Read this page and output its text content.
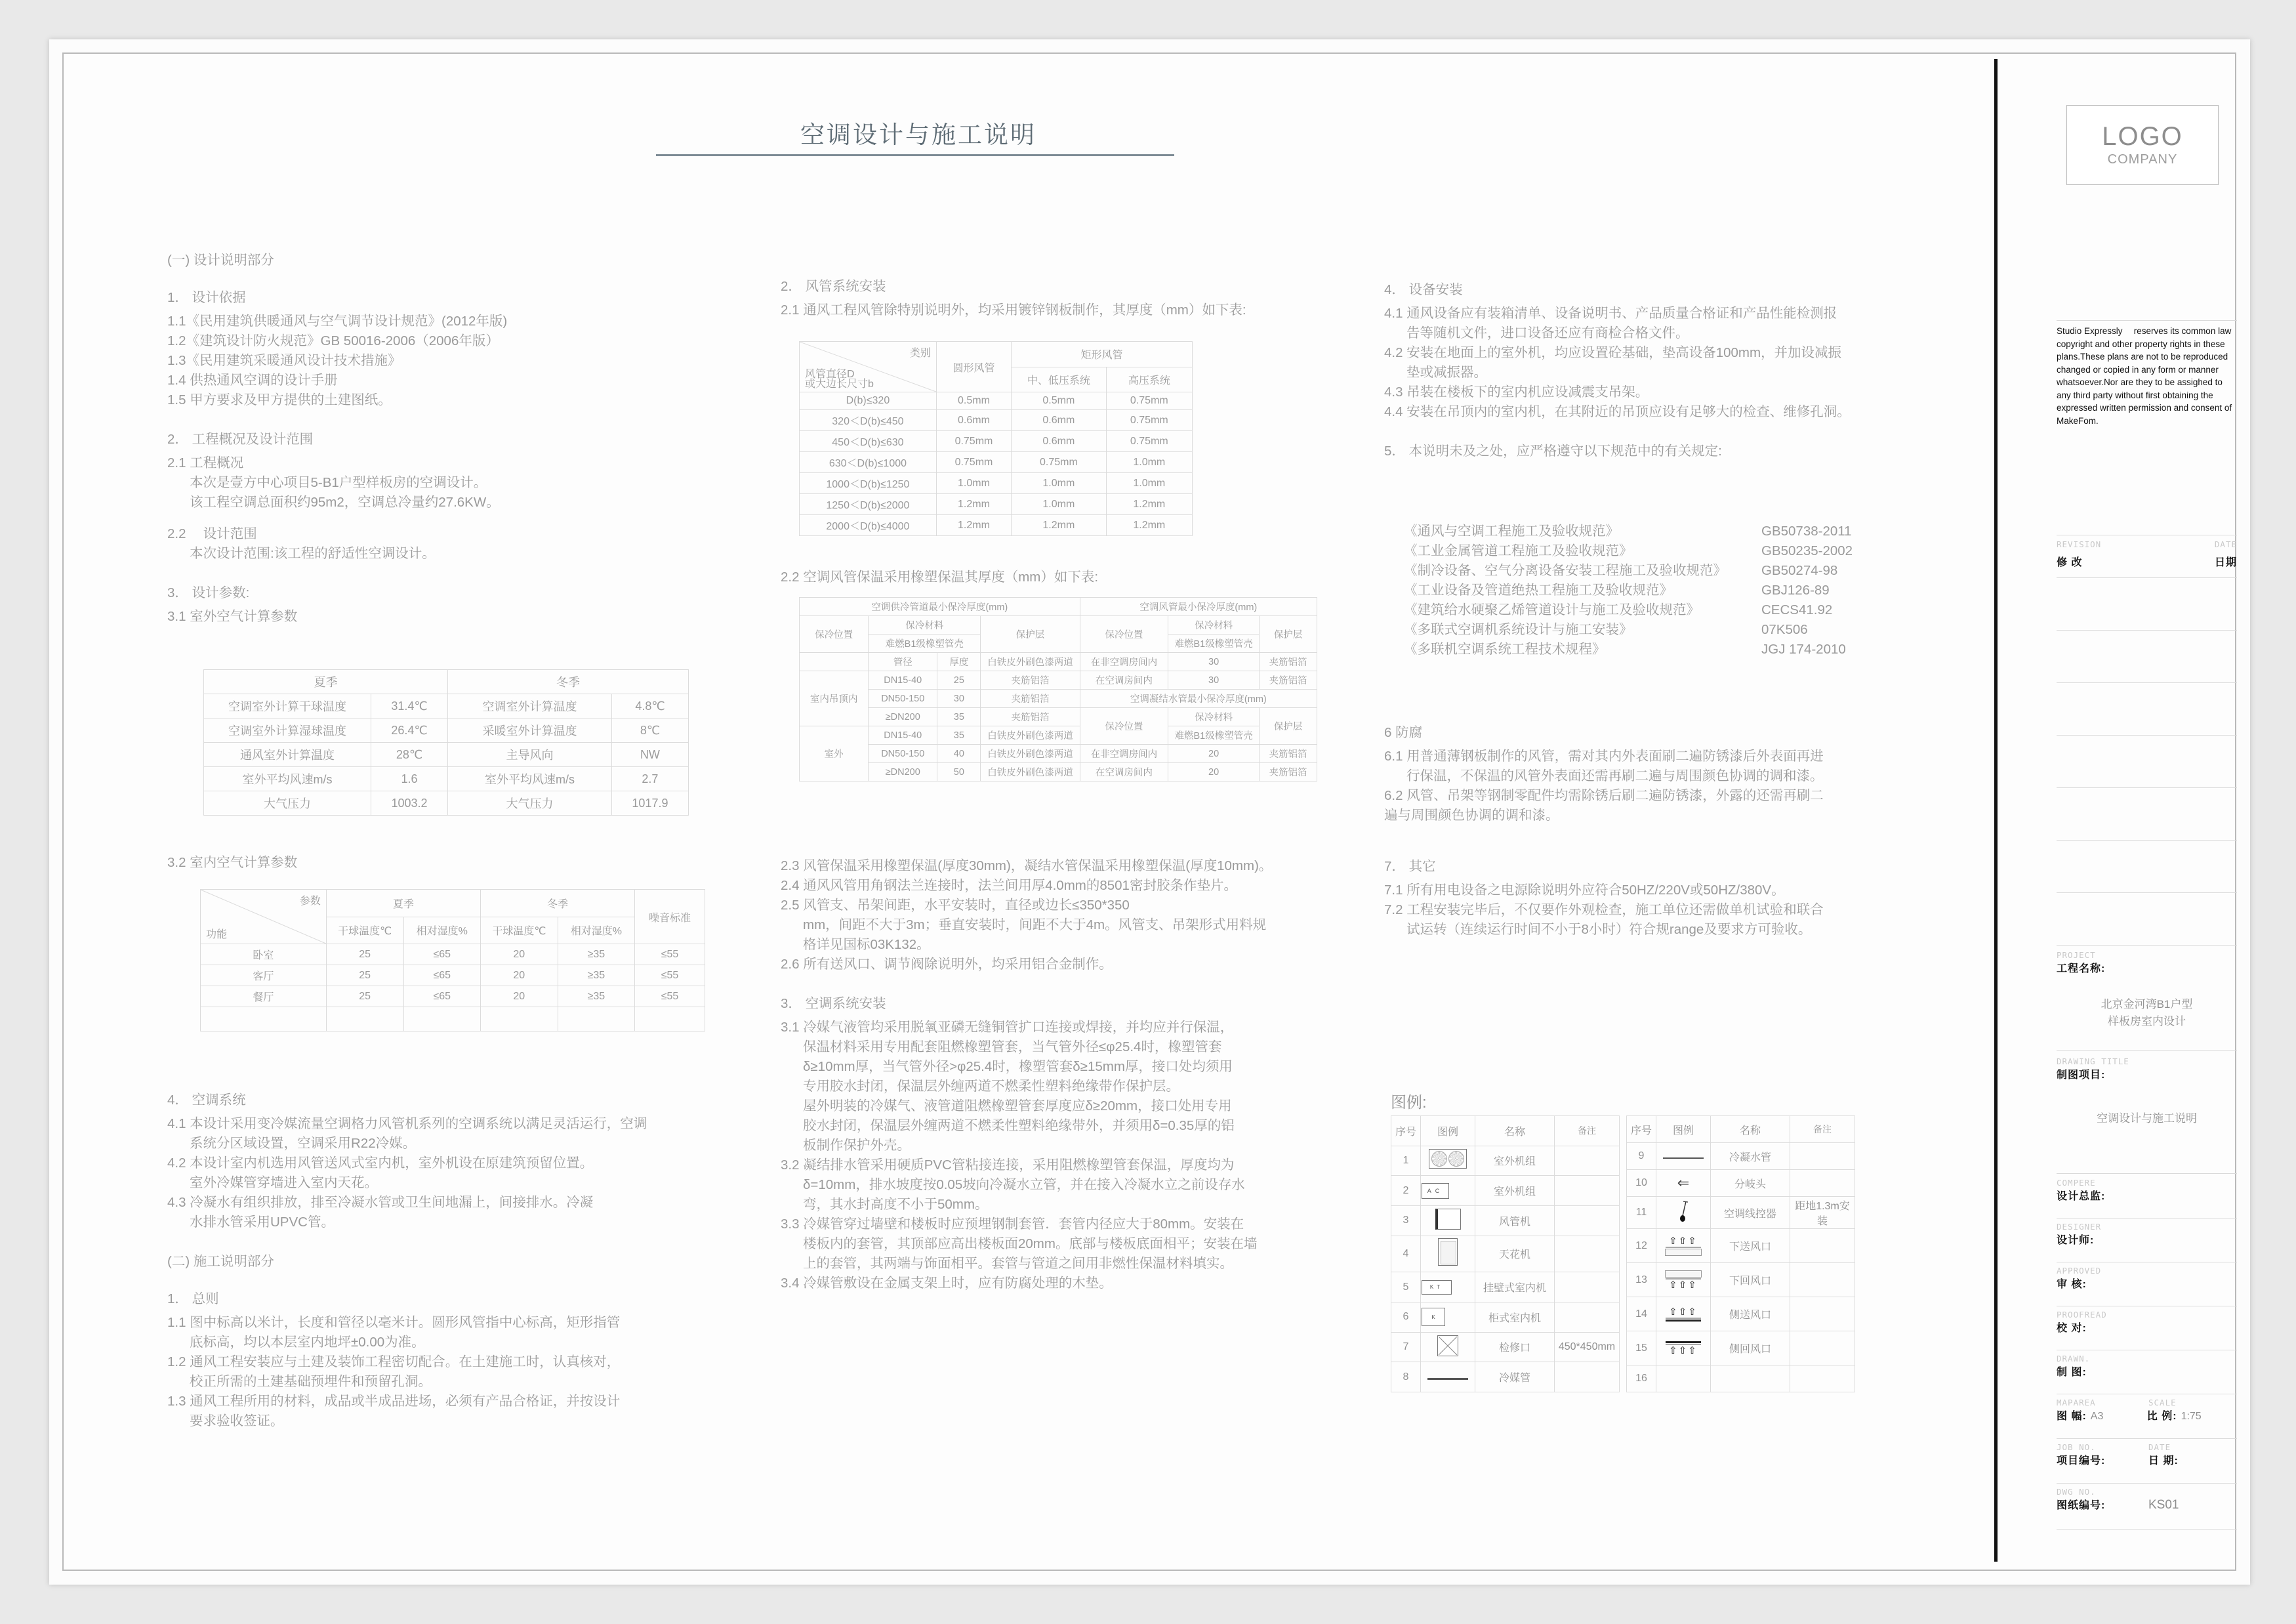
空调设计与施工说明
(一) 设计说明部分
1． 设计依据
1.1《民用建筑供暖通风与空气调节设计规范》(2012年版)
1.2《建筑设计防火规范》GB 50016-2006（2006年版）
1.3《民用建筑采暖通风设计技术措施》
1.4 供热通风空调的设计手册
1.5 甲方要求及甲方提供的土建图纸。
2． 工程概况及设计范围
2.1 工程概况
本次是壹方中心项目5-B1户型样板房的空调设计。
该工程空调总面积约95m2，空调总冷量约27.6KW。
2.2 　设计范围
本次设计范围:该工程的舒适性空调设计。
3． 设计参数:
3.1 室外空气计算参数
夏季		冬季	
空调室外计算干球温度	31.4℃	空调室外计算温度	4.8℃
空调室外计算湿球温度	26.4℃	采暖室外计算温度	8℃
通风室外计算温度	28℃	主导风向	NW
室外平均风速m/s	1.6	室外平均风速m/s	2.7
大气压力	1003.2	大气压力	1017.9
3.2 室内空气计算参数
参数
功能	夏季		冬季		噪音标准
	干球温度℃	相对湿度%	干球温度℃	相对湿度%	
卧室	25	≤65	20	≥35	≤55
客厅	25	≤65	20	≥35	≤55
餐厅	25	≤65	20	≥35	≤55

4． 空调系统
4.1 本设计采用变冷媒流量空调格力风管机系列的空调系统以满足灵活运行，空调
系统分区域设置，空调采用R22冷媒。
4.2 本设计室内机选用风管送风式室内机，室外机设在原建筑预留位置。
室外冷媒管穿墙进入室内天花。
4.3 冷凝水有组织排放，排至冷凝水管或卫生间地漏上，间接排水。冷凝
水排水管采用UPVC管。
(二) 施工说明部分
1． 总则
1.1 图中标高以米计，长度和管径以毫米计。圆形风管指中心标高，矩形指管
底标高，均以本层室内地坪±0.00为准。
1.2 通风工程安装应与土建及装饰工程密切配合。在土建施工时，认真核对，
校正所需的土建基础预埋件和预留孔洞。
1.3 通风工程所用的材料，成品或半成品进场，必须有产品合格证，并按设计
要求验收签证。
2． 风管系统安装
2.1 通风工程风管除特别说明外，均采用镀锌钢板制作，其厚度（mm）如下表:
类别
风管直径D
或大边长尺寸b	圆形风管	矩形风管	
		中、低压系统	高压系统
D(b)≤320	0.5mm	0.5mm	0.75mm
320＜D(b)≤450	0.6mm	0.6mm	0.75mm
450＜D(b)≤630	0.75mm	0.6mm	0.75mm
630＜D(b)≤1000	0.75mm	0.75mm	1.0mm
1000＜D(b)≤1250	1.0mm	1.0mm	1.0mm
1250＜D(b)≤2000	1.2mm	1.0mm	1.2mm
2000＜D(b)≤4000	1.2mm	1.2mm	1.2mm
2.2 空调风管保温采用橡塑保温其厚度（mm）如下表:
空调供冷管道最小保冷厚度(mm)				空调风管最小保冷厚度(mm)		
保冷位置	保冷材料		保护层	保冷位置	保冷材料	保护层
	难燃B1级橡塑管壳				难燃B1级橡塑管壳	
	管径	厚度	白铁皮外刷色漆两道	在非空调房间内	30	夹筋铝箔
室内吊顶内	DN15-40	25	夹筋铝箔	在空调房间内	30	夹筋铝箔
	DN50-150	30	夹筋铝箔	空调凝结水管最小保冷厚度(mm)		
	≥DN200	35	夹筋铝箔	保冷位置	保冷材料	保护层
室外	DN15-40	35	白铁皮外刷色漆两道		难燃B1级橡塑管壳	
	DN50-150	40	白铁皮外刷色漆两道	在非空调房间内	20	夹筋铝箔
	≥DN200	50	白铁皮外刷色漆两道	在空调房间内	20	夹筋铝箔
2.3 风管保温采用橡塑保温(厚度30mm)，凝结水管保温采用橡塑保温(厚度10mm)。
2.4 通风风管用角钢法兰连接时，法兰间用厚4.0mm的8501密封胶条作垫片。
2.5 风管支、吊架间距，水平安装时，直径或边长≤350*350
mm，间距不大于3m；垂直安装时，间距不大于4m。风管支、吊架形式用料规
格详见国标03K132。
2.6 所有送风口、调节阀除说明外，均采用铝合金制作。
3． 空调系统安装
3.1 冷媒气液管均采用脱氧亚磷无缝铜管扩口连接或焊接，并均应并行保温，
保温材料采用专用配套阻燃橡塑管套，当气管外径≤φ25.4时，橡塑管套
δ≥10mm厚，当气管外径>φ25.4时，橡塑管套δ≥15mm厚，接口处均须用
专用胶水封闭，保温层外缠两道不燃柔性塑料绝缘带作保护层。
屋外明装的冷媒气、液管道阻燃橡塑管套厚度应δ≥20mm，接口处用专用
胶水封闭，保温层外缠两道不燃柔性塑料绝缘带外，并须用δ=0.35厚的铝
板制作保护外壳。
3.2 凝结排水管采用硬质PVC管粘接连接，采用阻燃橡塑管套保温，厚度均为
δ=10mm，排水坡度按0.05坡向冷凝水立管，并在接入冷凝水立之前设存水
弯，其水封高度不小于50mm。
3.3 冷媒管穿过墙壁和楼板时应预埋钢制套管．套管内径应大于80mm。安装在
楼板内的套管，其顶部应高出楼板面20mm。底部与楼板底面相平；安装在墙
上的套管，其两端与饰面相平。套管与管道之间用非燃性保温材料填实。
3.4 冷媒管敷设在金属支架上时，应有防腐处理的木垫。
4． 设备安装
4.1 通风设备应有装箱清单、设备说明书、产品质量合格证和产品性能检测报
告等随机文件，进口设备还应有商检合格文件。
4.2 安装在地面上的室外机，均应设置砼基础，垫高设备100mm，并加设减振
垫或减振器。
4.3 吊装在楼板下的室内机应设减震支吊架。
4.4 安装在吊顶内的室内机，在其附近的吊顶应设有足够大的检查、维修孔洞。
5． 本说明未及之处，应严格遵守以下规范中的有关规定:
《通风与空调工程施工及验收规范》	GB50738-2011
《工业金属管道工程施工及验收规范》	GB50235-2002
《制冷设备、空气分离设备安装工程施工及验收规范》	GB50274-98
《工业设备及管道绝热工程施工及验收规范》	GBJ126-89
《建筑给水硬聚乙烯管道设计与施工及验收规范》	CECS41.92
《多联式空调机系统设计与施工安装》	07K506
《多联机空调系统工程技术规程》	JGJ 174-2010
6 防腐
6.1 用普通薄钢板制作的风管，需对其内外表面刷二遍防锈漆后外表面再进
行保温，不保温的风管外表面还需再刷二遍与周围颜色协调的调和漆。
6.2 风管、吊架等钢制零配件均需除锈后刷二遍防锈漆，外露的还需再刷二
遍与周围颜色协调的调和漆。
7． 其它
7.1 所有用电设备之电源除说明外应符合50HZ/220V或50HZ/380V。
7.2 工程安装完毕后，不仅要作外观检查，施工单位还需做单机试验和联合
试运转（连续运行时间不小于8小时）符合规range及要求方可验收。
图例:
序号	图例	名称	备注
1		室外机组	
2	AC	室外机组	
3		风管机	
4		天花机	
5	KT	挂壁式室内机	
6	K	柜式室内机	
7		检修口	450*450mm
8		冷媒管	
序号	图例	名称	备注
9		冷凝水管	
10	⇐	分岐头	
11		空调线控器	距地1.3m安装
12	⇧⇧⇧	下送风口	
13	⇧⇧⇧	下回风口	
14	⇧⇧⇧	侧送风口	
15	⇧⇧⇧	侧回风口	
16			
LOGO
COMPANY
Studio Expressly  reserves its common law copyright and other property rights in these plans.These plans are not to be reproduced changed or copied in any form or manner whatsoever.Nor are they to be assighed to any third party without first obtaining the expressed written permission and consent of MakeFom.
REVISION	DATE
修 改	日期
PROJECT
工程名称:
北京金河湾B1户型
样板房室内设计
DRAWING TITLE
制图项目:
空调设计与施工说明
COMPERE
设计总监:
DESIGNER
设计师:
APPROVED
审 核:
PROOFREAD
校 对:
DRAWN.
制 图:
MAPAREA	SCALE
图 幅: A3	比 例: 1:75
JOB NO.	DATE
项目编号:	日 期:
DWG NO.
图纸编号:	KS01
